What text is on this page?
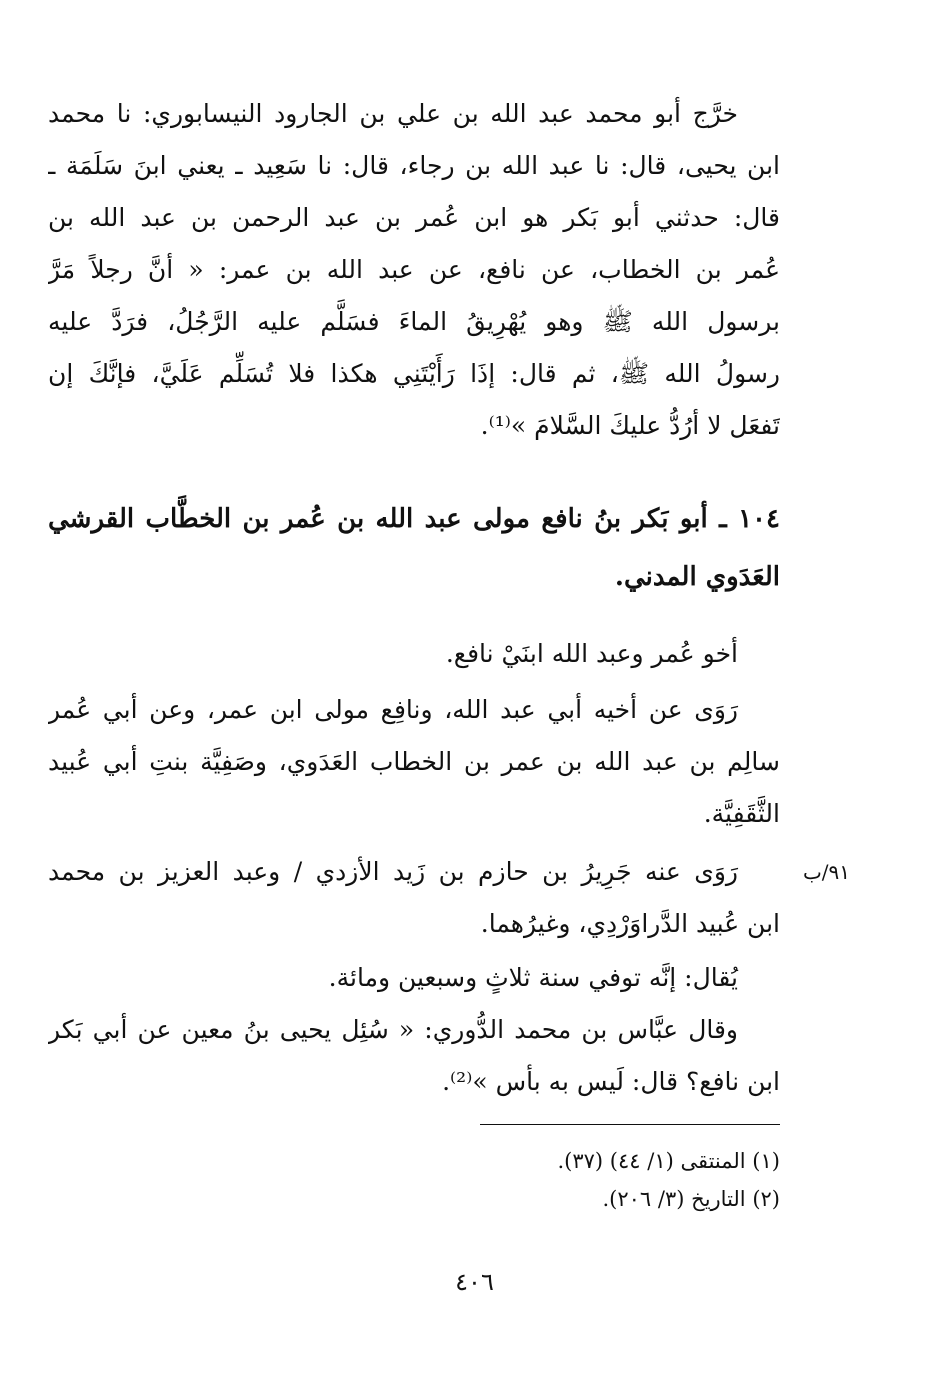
خرَّج أبو محمد عبد الله بن علي بن الجارود النيسابوري: نا محمد
ابن يحيى، قال: نا عبد الله بن رجاء، قال: نا سَعِيد ـ يعني ابنَ سَلَمَة ـ
قال: حدثني أبو بَكر هو ابن عُمر بن عبد الرحمن بن عبد الله بن
عُمر بن الخطاب، عن نافع، عن عبد الله بن عمر: « أنَّ رجلاً مَرَّ
برسول الله ﷺ وهو يُهْرِيقُ الماءَ فسَلَّم عليه الرَّجُلُ، فرَدَّ عليه
رسولُ الله ﷺ، ثم قال: إذَا رَأَيْتَنِي هكذا فلا تُسَلِّم عَلَيَّ، فإنَّكَ إن
تَفعَل لا أرُدُّ عليكَ السَّلامَ »⁽¹⁾.
١٠٤ ـ أبو بَكر بنُ نافع مولى عبد الله بن عُمر بن الخطَّاب القرشي
العَدَوي المدني.
أخو عُمر وعبد الله ابنَيْ نافع.
رَوَى عن أخيه أبي عبد الله، ونافِع مولى ابن عمر، وعن أبي عُمر
سالِم بن عبد الله بن عمر بن الخطاب العَدَوي، وصَفِيَّة بنتِ أبي عُبيد
الثَّقَفِيَّة.
٩١/ب
رَوَى عنه جَرِيرُ بن حازم بن زَيد الأزدي / وعبد العزيز بن محمد
ابن عُبيد الدَّراوَرْدِي، وغيرُهما.
يُقال: إنَّه توفي سنة ثلاثٍ وسبعين ومائة.
وقال عبَّاس بن محمد الدُّوري: « سُئِل يحيى بنُ معين عن أبي بَكر
ابن نافع؟ قال: لَيس به بأس »⁽²⁾.
(١) المنتقى (١/ ٤٤) (٣٧).
(٢) التاريخ (٣/ ٢٠٦).
٤٠٦
